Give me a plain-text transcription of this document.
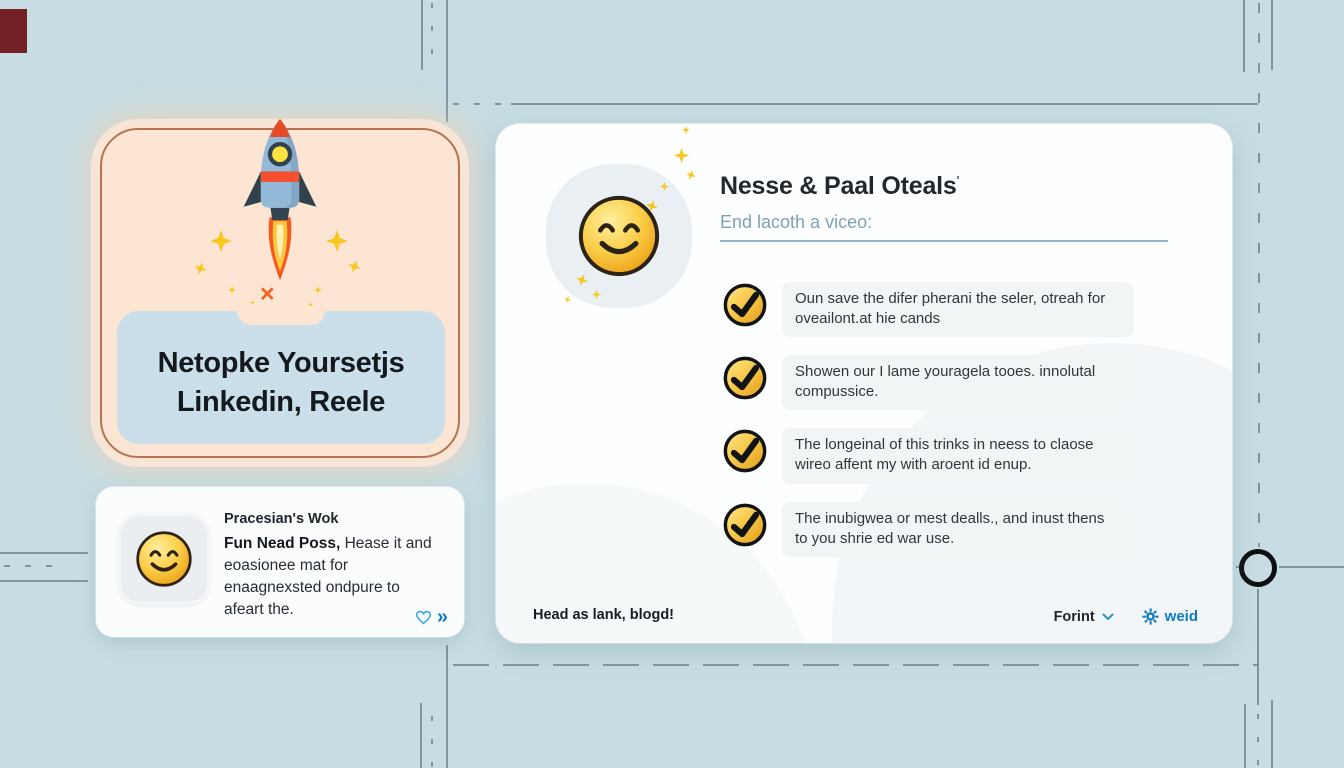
×
Netopke Yoursetjs
Linkedin, Reele
Pracesian's Wok
Fun Nead Poss, Hease it and eoasionee mat for enaagnexsted ondpure to afeart the.	»
Nesse & Paal Oteals'
End lacoth a viceo:
Oun save the difer pherani the seler, otreah for oveailont.at hie cands
Showen our I lame youragela tooes. innolutal compussice.
The longeinal of this trinks in neess to claose wireo affent my with aroent id enup.
The inubigwea or mest dealls., and inust thens to you shrie ed war use.
Head as lank, blogd!	Forint	weid
